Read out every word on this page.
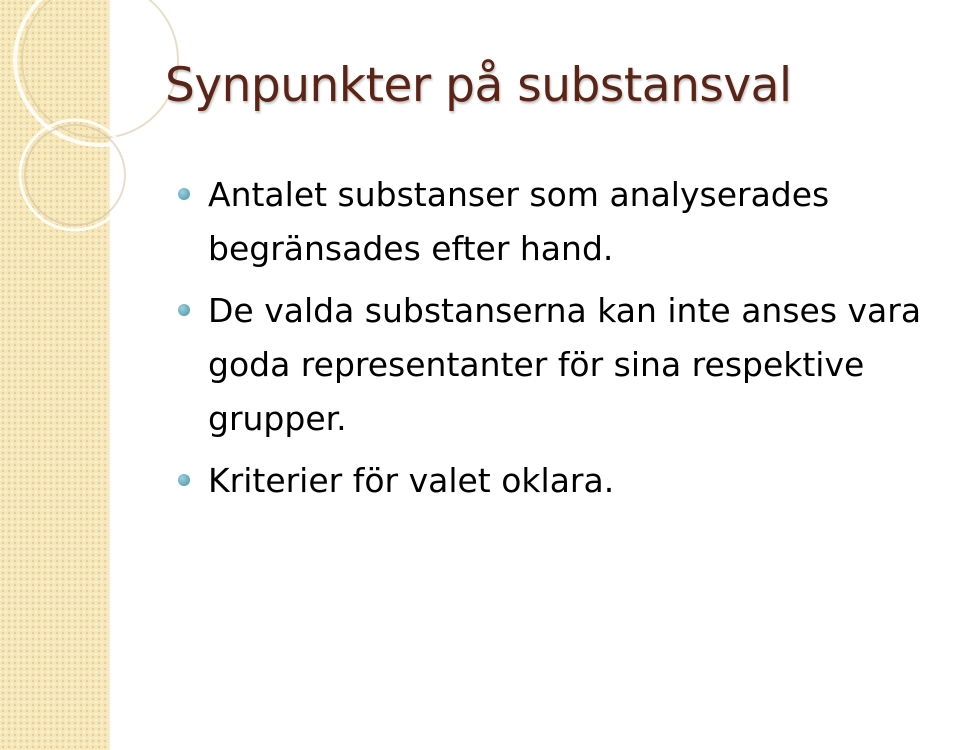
Synpunkter på substansval
Antalet substanser som analyserades begränsades efter hand.
De valda substanserna kan inte anses vara goda representanter för sina respektive grupper.
Kriterier för valet oklara.
